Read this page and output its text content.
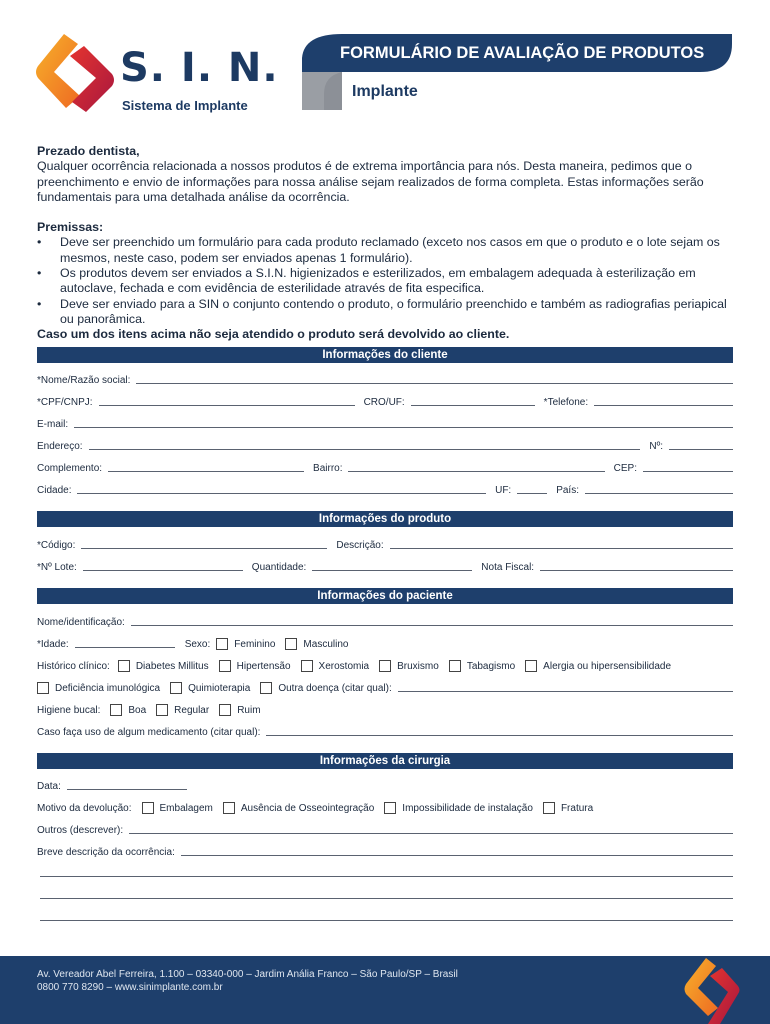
S. I. N.
Sistema de Implante
FORMULÁRIO DE AVALIAÇÃO DE PRODUTOS
Implante

Prezado dentista,

Qualquer ocorrência relacionada a nossos produtos é de extrema importância para nós. Desta maneira, pedimos que o preenchimento e envio de informações para nossa análise sejam realizados de forma completa. Estas informações serão fundamentais para uma detalhada análise da ocorrência.

Premissas:

• Deve ser preenchido um formulário para cada produto reclamado (exceto nos casos em que o produto e o lote sejam os mesmos, neste caso, podem ser enviados apenas 1 formulário).
• Os produtos devem ser enviados a S.I.N. higienizados e esterilizados, em embalagem adequada à esterilização em autoclave, fechada e com evidência de esterilidade através de fita especifica.
• Deve ser enviado para a SIN o conjunto contendo o produto, o formulário preenchido e também as radiografias periapical ou panorâmica.

Caso um dos itens acima não seja atendido o produto será devolvido ao cliente.

Informações do cliente
*Nome/Razão social:
*CPF/CNPJ:	CRO/UF:	*Telefone:
E-mail:
Endereço:	Nº:
Complemento:	Bairro:	CEP:
Cidade:	UF:	País:
Informações do produto
*Código:	Descrição:
*Nº Lote:	Quantidade:	Nota Fiscal:
Informações do paciente
Nome/identificação:
*Idade:	Sexo: Feminino	Masculino
Histórico clínico:	Diabetes Millitus	Hipertensão	Xerostomia	Bruxismo	Tabagismo	Alergia ou hipersensibilidade
Deficiência imunológica	Quimioterapia	Outra doença (citar qual):
Higiene bucal:	Boa	Regular	Ruim
Caso faça uso de algum medicamento (citar qual):
Informações da cirurgia
Data:
Motivo da devolução:	Embalagem	Ausência de Osseointegração	Impossibilidade de instalação	Fratura
Outros (descrever):
Breve descrição da ocorrência:
Av. Vereador Abel Ferreira, 1.100 – 03340-000 – Jardim Anália Franco – São Paulo/SP – Brasil
0800 770 8290 – www.sinimplante.com.br
